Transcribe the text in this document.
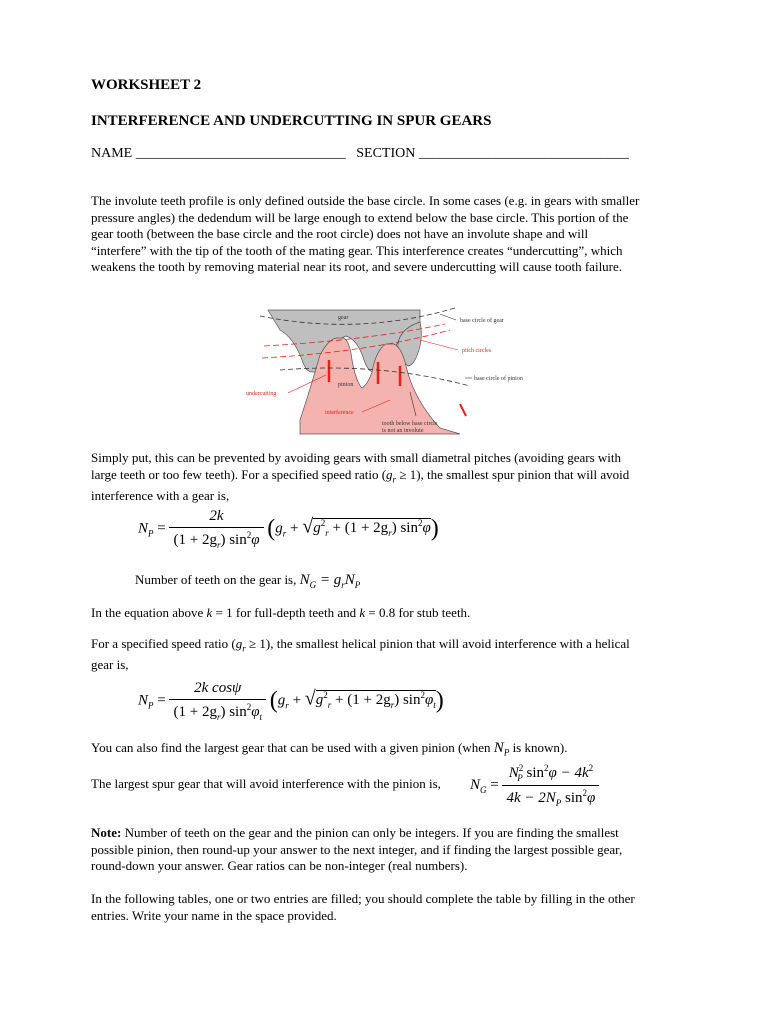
WORKSHEET 2
INTERFERENCE AND UNDERCUTTING IN SPUR GEARS
NAME ______________________________ SECTION ______________________________
The involute teeth profile is only defined outside the base circle. In some cases (e.g. in gears with smaller
pressure angles) the dedendum will be large enough to extend below the base circle. This portion of the
gear tooth (between the base circle and the root circle) does not have an involute shape and will
“interfere” with the tip of the tooth of the mating gear. This interference creates “undercutting”, which
weakens the tooth by removing material near its root, and severe undercutting will cause tooth failure.
gear	base circle of gear
pitch circles
base circle of pinion
pinion
undercutting
interference
tooth below base circle
is not an involute
Simply put, this can be prevented by avoiding gears with small diametral pitches (avoiding gears with
large teeth or too few teeth). For a specified speed ratio $(g_r \ge 1)$, the smallest spur pinion that will avoid
interference with a gear is,
$N_P = \frac{2k}{(1 + 2g_r) \sin^2\varphi} (g_r + √g^2_r + (1 + 2g_r)$ $\sin^2\varphi$)
Number of teeth on the gear is, $N_G = g_rN_P$
In the equation above k = 1 for full-depth teeth and k = 0.8 for stub teeth.
For a specified speed ratio $(g_r \ge 1)$, the smallest helical pinion that will avoid interference with a helical
gear is,
$N_P = \frac{\text{2k cosψ}}{(1 + 2g_r) \sin^2\varphi_t} (g_r + √g^2_r + (1 + 2g_r)$ $\sin^2\varphi_t$)
You can also find the largest gear that can be used with a given pinion (when $N_P$ is known).
The largest spur gear that will avoid interference with the pinion is, $N_G = \frac{N^2_P \sin^2\varphi - 4k^2}{4k - 2N_P \sin^2\varphi}$
Note: Number of teeth on the gear and the pinion can only be integers. If you are finding the smallest
possible pinion, then round-up your answer to the next integer, and if finding the largest possible gear,
round-down your answer. Gear ratios can be non-integer (real numbers).
In the following tables, one or two entries are filled; you should complete the table by filling in the other
entries. Write your name in the space provided.
